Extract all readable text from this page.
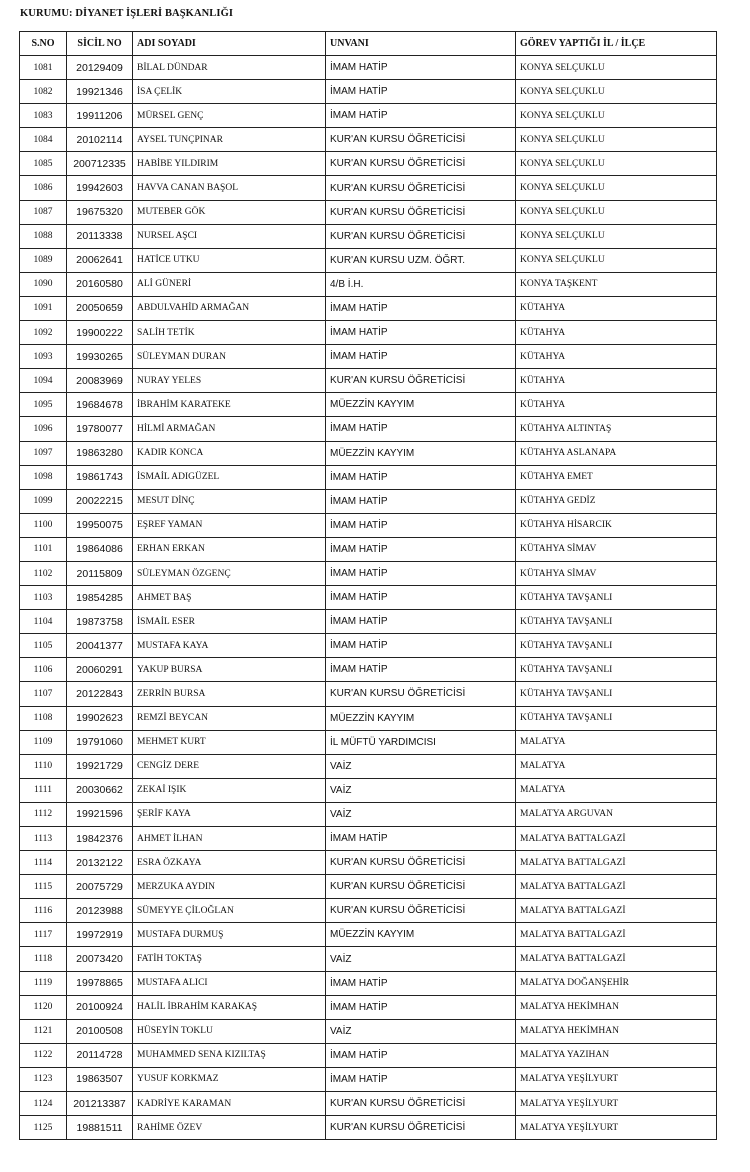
KURUMU: DİYANET İŞLERİ BAŞKANLIĞI
S.NO	SİCİL NO	ADI SOYADI	UNVANI	GÖREV YAPTIĞI İL / İLÇE
1081	20129409	BİLAL DÜNDAR	İMAM HATİP	KONYA SELÇUKLU
1082	19921346	İSA ÇELİK	İMAM HATİP	KONYA SELÇUKLU
1083	19911206	MÜRSEL GENÇ	İMAM HATİP	KONYA SELÇUKLU
1084	20102114	AYSEL TUNÇPINAR	KUR'AN KURSU ÖĞRETİCİSİ	KONYA SELÇUKLU
1085	200712335	HABİBE YILDIRIM	KUR'AN KURSU ÖĞRETİCİSİ	KONYA SELÇUKLU
1086	19942603	HAVVA CANAN BAŞOL	KUR'AN KURSU ÖĞRETİCİSİ	KONYA SELÇUKLU
1087	19675320	MUTEBER GÖK	KUR'AN KURSU ÖĞRETİCİSİ	KONYA SELÇUKLU
1088	20113338	NURSEL AŞCI	KUR'AN KURSU ÖĞRETİCİSİ	KONYA SELÇUKLU
1089	20062641	HATİCE UTKU	KUR'AN KURSU UZM. ÖĞRT.	KONYA SELÇUKLU
1090	20160580	ALİ GÜNERİ	4/B İ.H.	KONYA TAŞKENT
1091	20050659	ABDULVAHİD ARMAĞAN	İMAM HATİP	KÜTAHYA
1092	19900222	SALİH TETİK	İMAM HATİP	KÜTAHYA
1093	19930265	SÜLEYMAN DURAN	İMAM HATİP	KÜTAHYA
1094	20083969	NURAY YELES	KUR'AN KURSU ÖĞRETİCİSİ	KÜTAHYA
1095	19684678	İBRAHİM KARATEKE	MÜEZZİN KAYYIM	KÜTAHYA
1096	19780077	HİLMİ ARMAĞAN	İMAM HATİP	KÜTAHYA ALTINTAŞ
1097	19863280	KADIR KONCA	MÜEZZİN KAYYIM	KÜTAHYA ASLANAPA
1098	19861743	İSMAİL ADIGÜZEL	İMAM HATİP	KÜTAHYA EMET
1099	20022215	MESUT DİNÇ	İMAM HATİP	KÜTAHYA GEDİZ
1100	19950075	EŞREF YAMAN	İMAM HATİP	KÜTAHYA HİSARCIK
1101	19864086	ERHAN ERKAN	İMAM HATİP	KÜTAHYA SİMAV
1102	20115809	SÜLEYMAN ÖZGENÇ	İMAM HATİP	KÜTAHYA SİMAV
1103	19854285	AHMET BAŞ	İMAM HATİP	KÜTAHYA TAVŞANLI
1104	19873758	İSMAİL ESER	İMAM HATİP	KÜTAHYA TAVŞANLI
1105	20041377	MUSTAFA KAYA	İMAM HATİP	KÜTAHYA TAVŞANLI
1106	20060291	YAKUP BURSA	İMAM HATİP	KÜTAHYA TAVŞANLI
1107	20122843	ZERRİN BURSA	KUR'AN KURSU ÖĞRETİCİSİ	KÜTAHYA TAVŞANLI
1108	19902623	REMZİ BEYCAN	MÜEZZİN KAYYIM	KÜTAHYA TAVŞANLI
1109	19791060	MEHMET KURT	İL MÜFTÜ YARDIMCISI	MALATYA
1110	19921729	CENGİZ DERE	VAİZ	MALATYA
1111	20030662	ZEKAİ IŞIK	VAİZ	MALATYA
1112	19921596	ŞERİF KAYA	VAİZ	MALATYA ARGUVAN
1113	19842376	AHMET İLHAN	İMAM HATİP	MALATYA BATTALGAZİ
1114	20132122	ESRA ÖZKAYA	KUR'AN KURSU ÖĞRETİCİSİ	MALATYA BATTALGAZİ
1115	20075729	MERZUKA AYDIN	KUR'AN KURSU ÖĞRETİCİSİ	MALATYA BATTALGAZİ
1116	20123988	SÜMEYYE ÇİLOĞLAN	KUR'AN KURSU ÖĞRETİCİSİ	MALATYA BATTALGAZİ
1117	19972919	MUSTAFA DURMUŞ	MÜEZZİN KAYYIM	MALATYA BATTALGAZİ
1118	20073420	FATİH TOKTAŞ	VAİZ	MALATYA BATTALGAZİ
1119	19978865	MUSTAFA ALICI	İMAM HATİP	MALATYA DOĞANŞEHİR
1120	20100924	HALİL İBRAHİM KARAKAŞ	İMAM HATİP	MALATYA HEKİMHAN
1121	20100508	HÜSEYİN TOKLU	VAİZ	MALATYA HEKİMHAN
1122	20114728	MUHAMMED SENA KIZILTAŞ	İMAM HATİP	MALATYA YAZIHAN
1123	19863507	YUSUF KORKMAZ	İMAM HATİP	MALATYA YEŞİLYURT
1124	201213387	KADRİYE KARAMAN	KUR'AN KURSU ÖĞRETİCİSİ	MALATYA YEŞİLYURT
1125	19881511	RAHİME ÖZEV	KUR'AN KURSU ÖĞRETİCİSİ	MALATYA YEŞİLYURT
